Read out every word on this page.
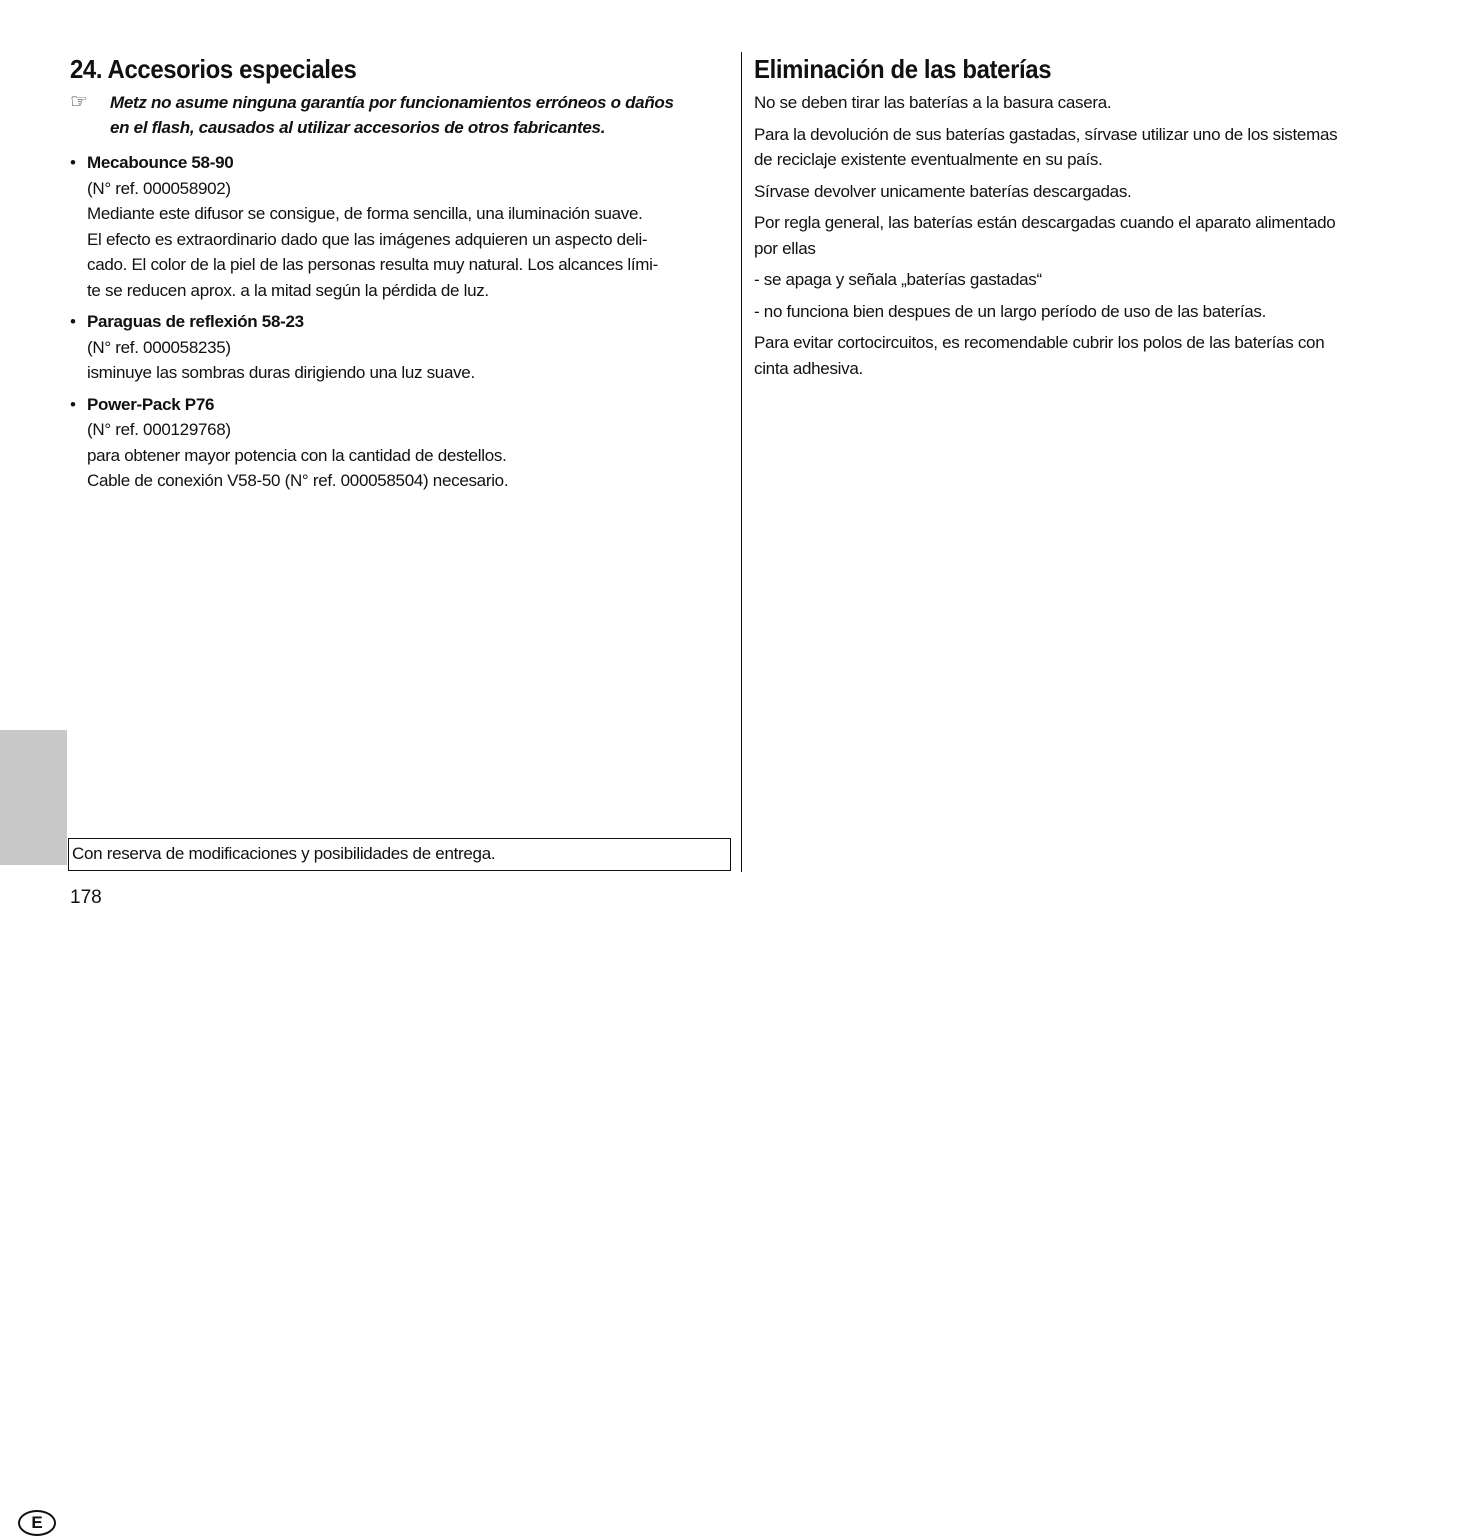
E
24. Accesorios especiales
☞	Metz no asume ninguna garantía por funcionamientos erróneos o daños
en el flash, causados al utilizar accesorios de otros fabricantes.
• Mecabounce 58-90
(N° ref. 000058902)
Mediante este difusor se consigue, de forma sencilla, una iluminación suave.
El efecto es extraordinario dado que las imágenes adquieren un aspecto deli-
cado. El color de la piel de las personas resulta muy natural. Los alcances lími-
te se reducen aprox. a la mitad según la pérdida de luz.
• Paraguas de reflexión 58-23
(N° ref. 000058235)
isminuye las sombras duras dirigiendo una luz suave.
• Power-Pack P76
(N° ref. 000129768)
para obtener mayor potencia con la cantidad de destellos.
Cable de conexión V58-50 (N° ref. 000058504) necesario.
Eliminación de las baterías

No se deben tirar las baterías a la basura casera.

Para la devolución de sus baterías gastadas, sírvase utilizar uno de los sistemas
de reciclaje existente eventualmente en su país.

Sírvase devolver unicamente baterías descargadas.

Por regla general, las baterías están descargadas cuando el aparato alimentado
por ellas

- se apaga y señala „baterías gastadas“

- no funciona bien despues de un largo período de uso de las baterías.

Para evitar cortocircuitos, es recomendable cubrir los polos de las baterías con
cinta adhesiva.

Con reserva de modificaciones y posibilidades de entrega.
178
